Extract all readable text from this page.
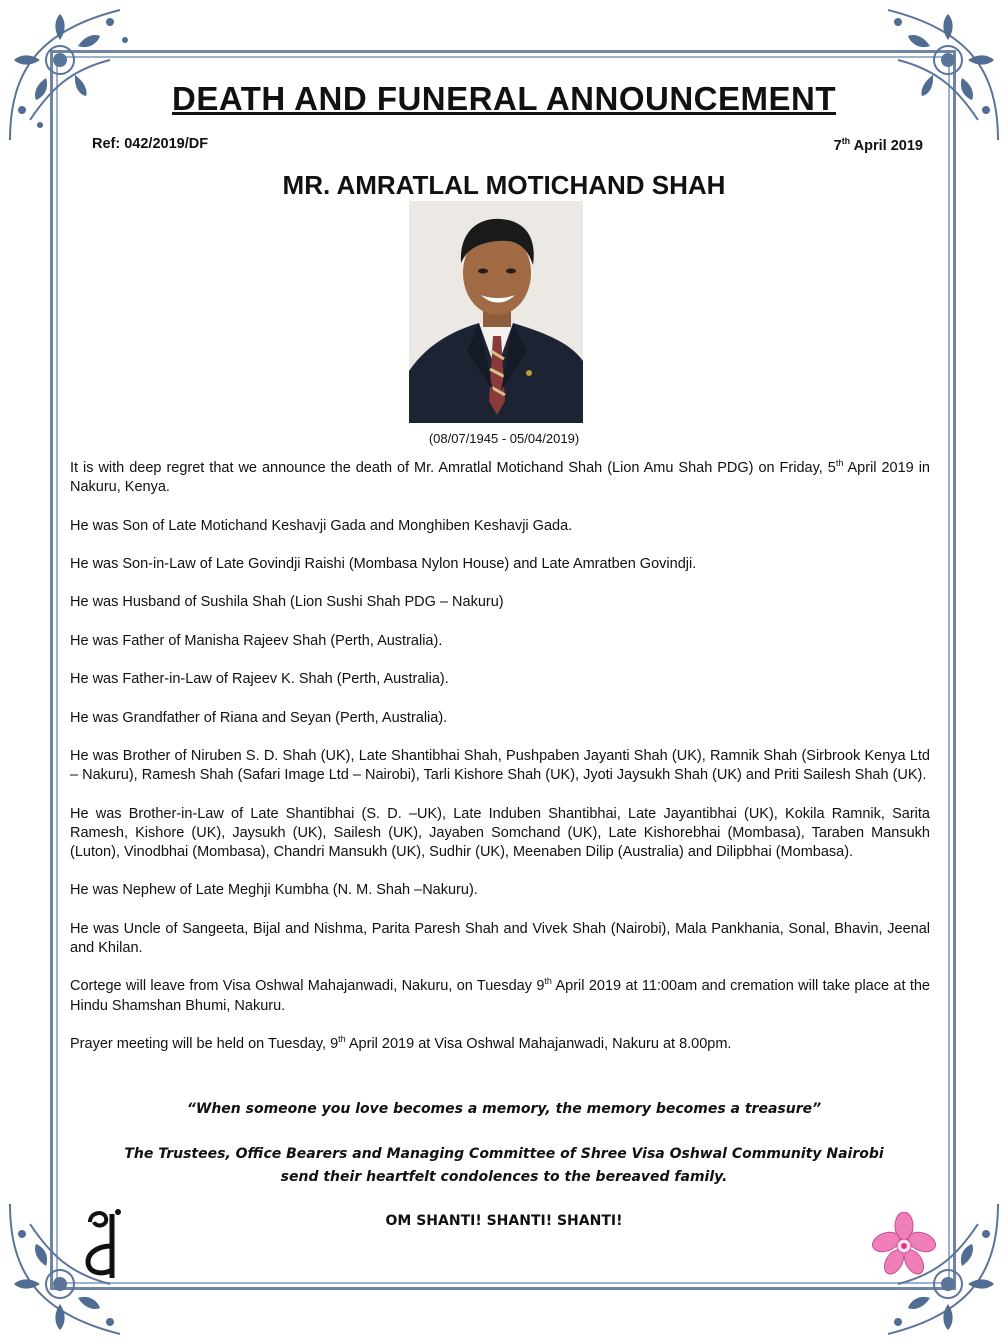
DEATH AND FUNERAL ANNOUNCEMENT
Ref: 042/2019/DF	7th April 2019
MR. AMRATLAL MOTICHAND SHAH
(08/07/1945 - 05/04/2019)

It is with deep regret that we announce the death of Mr. Amratlal Motichand Shah (Lion Amu Shah PDG) on Friday, 5th April 2019 in Nakuru, Kenya.

He was Son of Late Motichand Keshavji Gada and Monghiben Keshavji Gada.

He was Son-in-Law of Late Govindji Raishi (Mombasa Nylon House) and Late Amratben Govindji.

He was Husband of Sushila Shah (Lion Sushi Shah PDG – Nakuru)

He was Father of Manisha Rajeev Shah (Perth, Australia).

He was Father-in-Law of Rajeev K. Shah (Perth, Australia).

He was Grandfather of Riana and Seyan (Perth, Australia).

He was Brother of Niruben S. D. Shah (UK), Late Shantibhai Shah, Pushpaben Jayanti Shah (UK), Ramnik Shah (Sirbrook Kenya Ltd – Nakuru), Ramesh Shah (Safari Image Ltd – Nairobi), Tarli Kishore Shah (UK), Jyoti Jaysukh Shah (UK) and Priti Sailesh Shah (UK).

He was Brother-in-Law of Late Shantibhai (S. D. –UK), Late Induben Shantibhai, Late Jayantibhai (UK), Kokila Ramnik, Sarita Ramesh, Kishore (UK), Jaysukh (UK), Sailesh (UK), Jayaben Somchand (UK), Late Kishorebhai (Mombasa), Taraben Mansukh (Luton), Vinodbhai (Mombasa), Chandri Mansukh (UK), Sudhir (UK), Meenaben Dilip (Australia) and Dilipbhai (Mombasa).

He was Nephew of Late Meghji Kumbha (N. M. Shah –Nakuru).

He was Uncle of Sangeeta, Bijal and Nishma, Parita Paresh Shah and Vivek Shah (Nairobi), Mala Pankhania, Sonal, Bhavin, Jeenal and Khilan.

Cortege will leave from Visa Oshwal Mahajanwadi, Nakuru, on Tuesday 9th April 2019 at 11:00am and cremation will take place at the Hindu Shamshan Bhumi, Nakuru.

Prayer meeting will be held on Tuesday, 9th April 2019 at Visa Oshwal Mahajanwadi, Nakuru at 8.00pm.

“When someone you love becomes a memory, the memory becomes a treasure”
The Trustees, Office Bearers and Managing Committee of Shree Visa Oshwal Community Nairobi
send their heartfelt condolences to the bereaved family.
OM SHANTI! SHANTI! SHANTI!
